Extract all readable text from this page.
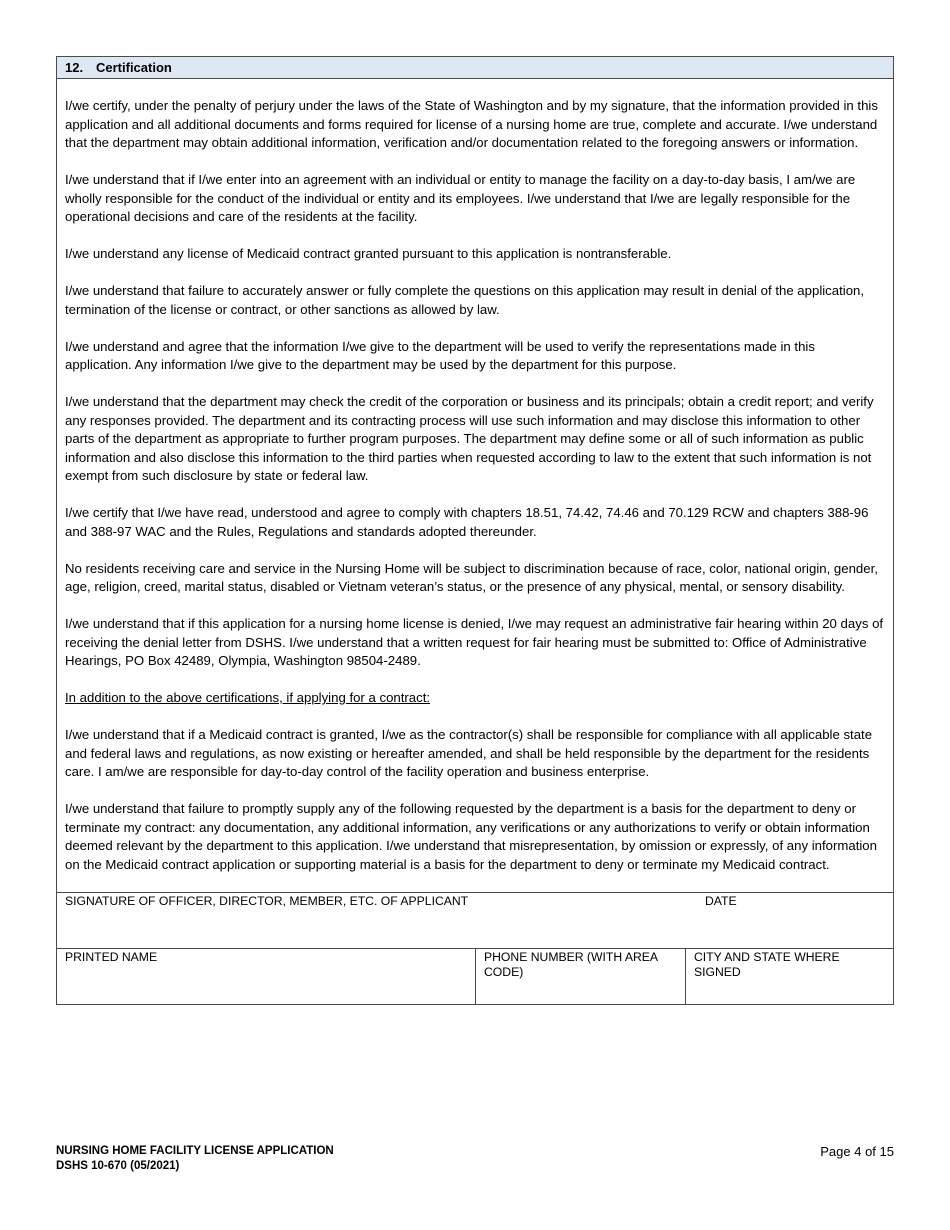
12. Certification

I/we certify, under the penalty of perjury under the laws of the State of Washington and by my signature, that the information provided in this application and all additional documents and forms required for license of a nursing home are true, complete and accurate. I/we understand that the department may obtain additional information, verification and/or documentation related to the foregoing answers or information.

I/we understand that if I/we enter into an agreement with an individual or entity to manage the facility on a day-to-day basis, I am/we are wholly responsible for the conduct of the individual or entity and its employees. I/we understand that I/we are legally responsible for the operational decisions and care of the residents at the facility.

I/we understand any license of Medicaid contract granted pursuant to this application is nontransferable.

I/we understand that failure to accurately answer or fully complete the questions on this application may result in denial of the application, termination of the license or contract, or other sanctions as allowed by law.

I/we understand and agree that the information I/we give to the department will be used to verify the representations made in this application. Any information I/we give to the department may be used by the department for this purpose.

I/we understand that the department may check the credit of the corporation or business and its principals; obtain a credit report; and verify any responses provided. The department and its contracting process will use such information and may disclose this information to other parts of the department as appropriate to further program purposes. The department may define some or all of such information as public information and also disclose this information to the third parties when requested according to law to the extent that such information is not exempt from such disclosure by state or federal law.

I/we certify that I/we have read, understood and agree to comply with chapters 18.51, 74.42, 74.46 and 70.129 RCW and chapters 388-96 and 388-97 WAC and the Rules, Regulations and standards adopted thereunder.

No residents receiving care and service in the Nursing Home will be subject to discrimination because of race, color, national origin, gender, age, religion, creed, marital status, disabled or Vietnam veteran’s status, or the presence of any physical, mental, or sensory disability.

I/we understand that if this application for a nursing home license is denied, I/we may request an administrative fair hearing within 20 days of receiving the denial letter from DSHS. I/we understand that a written request for fair hearing must be submitted to: Office of Administrative Hearings, PO Box 42489, Olympia, Washington 98504-2489.

In addition to the above certifications, if applying for a contract:

I/we understand that if a Medicaid contract is granted, I/we as the contractor(s) shall be responsible for compliance with all applicable state and federal laws and regulations, as now existing or hereafter amended, and shall be held responsible by the department for the residents care. I am/we are responsible for day-to-day control of the facility operation and business enterprise.

I/we understand that failure to promptly supply any of the following requested by the department is a basis for the department to deny or terminate my contract: any documentation, any additional information, any verifications or any authorizations to verify or obtain information deemed relevant by the department to this application. I/we understand that misrepresentation, by omission or expressly, of any information on the Medicaid contract application or supporting material is a basis for the department to deny or terminate my Medicaid contract.

SIGNATURE OF OFFICER, DIRECTOR, MEMBER, ETC. OF APPLICANT	DATE
PRINTED NAME	PHONE NUMBER (WITH AREA CODE)
CITY AND STATE WHERE SIGNED
NURSING HOME FACILITY LICENSE APPLICATION
DSHS 10-670 (05/2021)
Page 4 of 15
